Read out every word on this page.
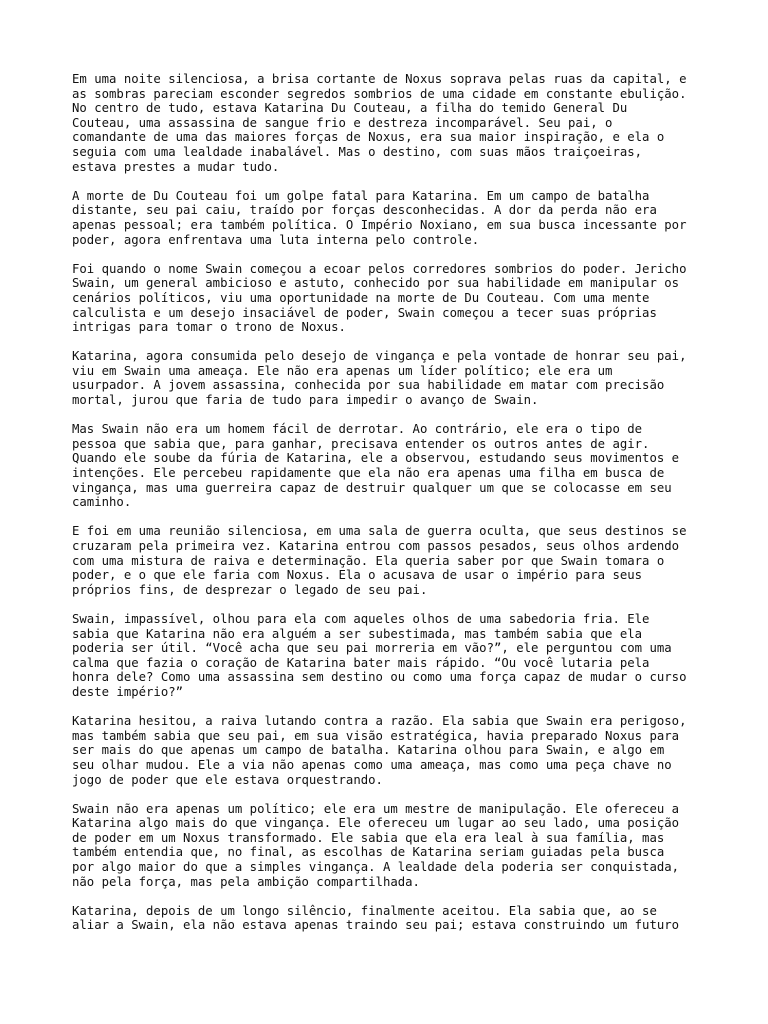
Em uma noite silenciosa, a brisa cortante de Noxus soprava pelas ruas da capital, e
as sombras pareciam esconder segredos sombrios de uma cidade em constante ebulição.
No centro de tudo, estava Katarina Du Couteau, a filha do temido General Du
Couteau, uma assassina de sangue frio e destreza incomparável. Seu pai, o
comandante de uma das maiores forças de Noxus, era sua maior inspiração, e ela o
seguia com uma lealdade inabalável. Mas o destino, com suas mãos traiçoeiras,
estava prestes a mudar tudo.

A morte de Du Couteau foi um golpe fatal para Katarina. Em um campo de batalha
distante, seu pai caiu, traído por forças desconhecidas. A dor da perda não era
apenas pessoal; era também política. O Império Noxiano, em sua busca incessante por
poder, agora enfrentava uma luta interna pelo controle.

Foi quando o nome Swain começou a ecoar pelos corredores sombrios do poder. Jericho
Swain, um general ambicioso e astuto, conhecido por sua habilidade em manipular os
cenários políticos, viu uma oportunidade na morte de Du Couteau. Com uma mente
calculista e um desejo insaciável de poder, Swain começou a tecer suas próprias
intrigas para tomar o trono de Noxus.

Katarina, agora consumida pelo desejo de vingança e pela vontade de honrar seu pai,
viu em Swain uma ameaça. Ele não era apenas um líder político; ele era um
usurpador. A jovem assassina, conhecida por sua habilidade em matar com precisão
mortal, jurou que faria de tudo para impedir o avanço de Swain.

Mas Swain não era um homem fácil de derrotar. Ao contrário, ele era o tipo de
pessoa que sabia que, para ganhar, precisava entender os outros antes de agir.
Quando ele soube da fúria de Katarina, ele a observou, estudando seus movimentos e
intenções. Ele percebeu rapidamente que ela não era apenas uma filha em busca de
vingança, mas uma guerreira capaz de destruir qualquer um que se colocasse em seu
caminho.

E foi em uma reunião silenciosa, em uma sala de guerra oculta, que seus destinos se
cruzaram pela primeira vez. Katarina entrou com passos pesados, seus olhos ardendo
com uma mistura de raiva e determinação. Ela queria saber por que Swain tomara o
poder, e o que ele faria com Noxus. Ela o acusava de usar o império para seus
próprios fins, de desprezar o legado de seu pai.

Swain, impassível, olhou para ela com aqueles olhos de uma sabedoria fria. Ele
sabia que Katarina não era alguém a ser subestimada, mas também sabia que ela
poderia ser útil. “Você acha que seu pai morreria em vão?”, ele perguntou com uma
calma que fazia o coração de Katarina bater mais rápido. “Ou você lutaria pela
honra dele? Como uma assassina sem destino ou como uma força capaz de mudar o curso
deste império?”

Katarina hesitou, a raiva lutando contra a razão. Ela sabia que Swain era perigoso,
mas também sabia que seu pai, em sua visão estratégica, havia preparado Noxus para
ser mais do que apenas um campo de batalha. Katarina olhou para Swain, e algo em
seu olhar mudou. Ele a via não apenas como uma ameaça, mas como uma peça chave no
jogo de poder que ele estava orquestrando.

Swain não era apenas um político; ele era um mestre de manipulação. Ele ofereceu a
Katarina algo mais do que vingança. Ele ofereceu um lugar ao seu lado, uma posição
de poder em um Noxus transformado. Ele sabia que ela era leal à sua família, mas
também entendia que, no final, as escolhas de Katarina seriam guiadas pela busca
por algo maior do que a simples vingança. A lealdade dela poderia ser conquistada,
não pela força, mas pela ambição compartilhada.

Katarina, depois de um longo silêncio, finalmente aceitou. Ela sabia que, ao se
aliar a Swain, ela não estava apenas traindo seu pai; estava construindo um futuro
